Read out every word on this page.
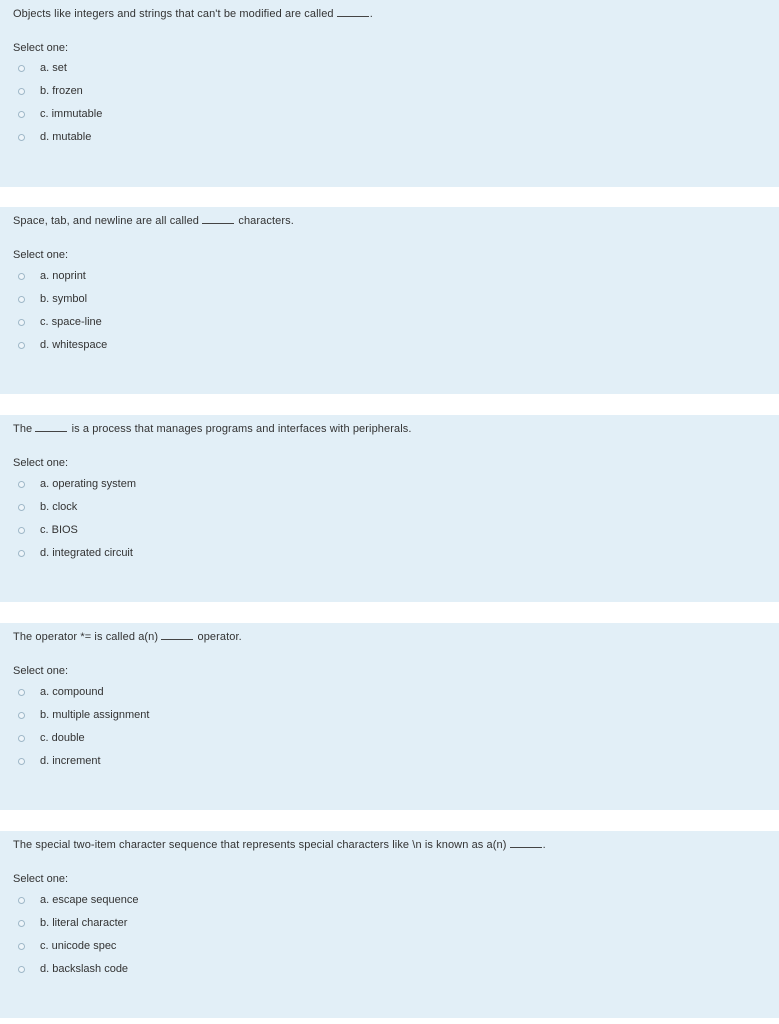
Objects like integers and strings that can't be modified are called	.
Select one:
a. set
b. frozen
c. immutable
d. mutable
Space, tab, and newline are all called	characters.
Select one:
a. noprint
b. symbol
c. space-line
d. whitespace
The	is a process that manages programs and interfaces with peripherals.
Select one:
a. operating system
b. clock
c. BIOS
d. integrated circuit
The operator *= is called a(n)	operator.
Select one:
a. compound
b. multiple assignment
c. double
d. increment
The special two-item character sequence that represents special characters like \n is known as a(n)	.
Select one:
a. escape sequence
b. literal character
c. unicode spec
d. backslash code
